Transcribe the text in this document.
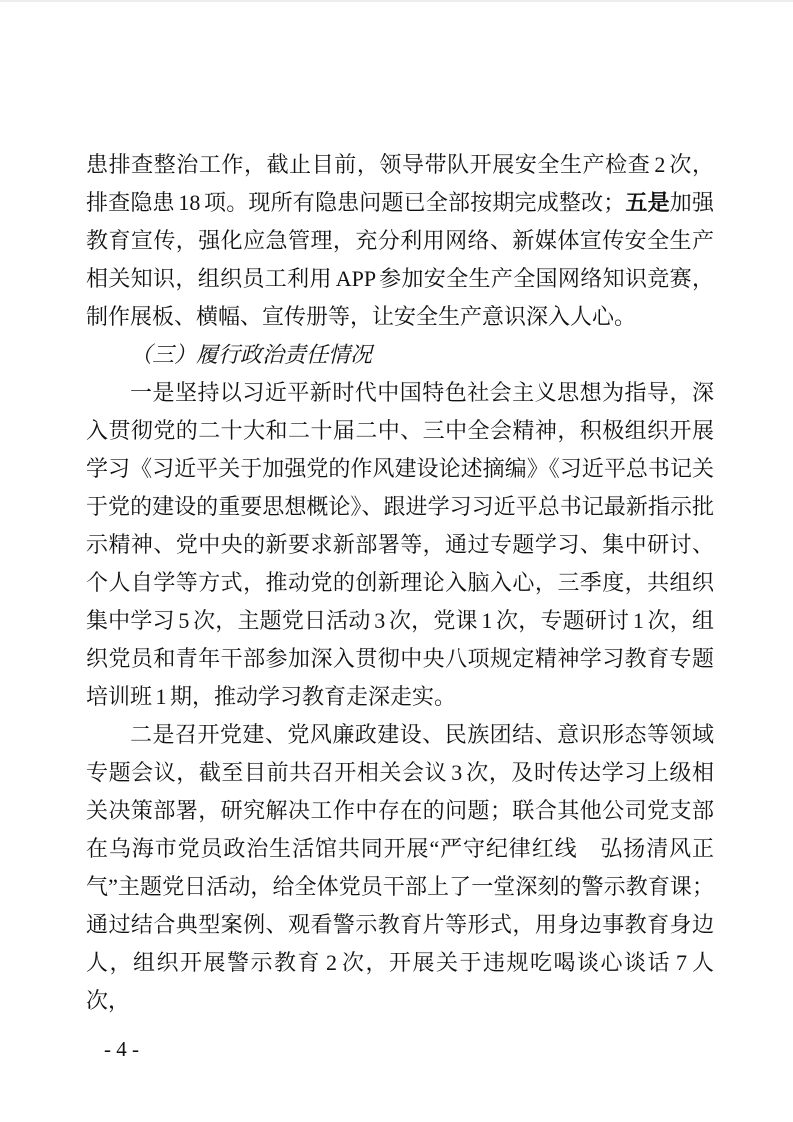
患排查整治工作，截止目前，领导带队开展安全生产检查 2 次，排查隐患 18 项。现所有隐患问题已全部按期完成整改；五是加强教育宣传，强化应急管理，充分利用网络、新媒体宣传安全生产相关知识，组织员工利用 APP 参加安全生产全国网络知识竞赛，制作展板、横幅、宣传册等，让安全生产意识深入人心。

（三）履行政治责任情况

一是坚持以习近平新时代中国特色社会主义思想为指导，深入贯彻党的二十大和二十届二中、三中全会精神，积极组织开展学习《习近平关于加强党的作风建设论述摘编》《习近平总书记关于党的建设的重要思想概论》、跟进学习习近平总书记最新指示批示精神、党中央的新要求新部署等，通过专题学习、集中研讨、个人自学等方式，推动党的创新理论入脑入心，三季度，共组织集中学习 5 次，主题党日活动 3 次，党课 1 次，专题研讨 1 次，组织党员和青年干部参加深入贯彻中央八项规定精神学习教育专题培训班 1 期，推动学习教育走深走实。

二是召开党建、党风廉政建设、民族团结、意识形态等领域专题会议，截至目前共召开相关会议 3 次，及时传达学习上级相关决策部署，研究解决工作中存在的问题；联合其他公司党支部在乌海市党员政治生活馆共同开展“严守纪律红线　弘扬清风正气”主题党日活动，给全体党员干部上了一堂深刻的警示教育课；通过结合典型案例、观看警示教育片等形式，用身边事教育身边人，组织开展警示教育 2 次，开展关于违规吃喝谈心谈话 7 人次，

- 4 -
